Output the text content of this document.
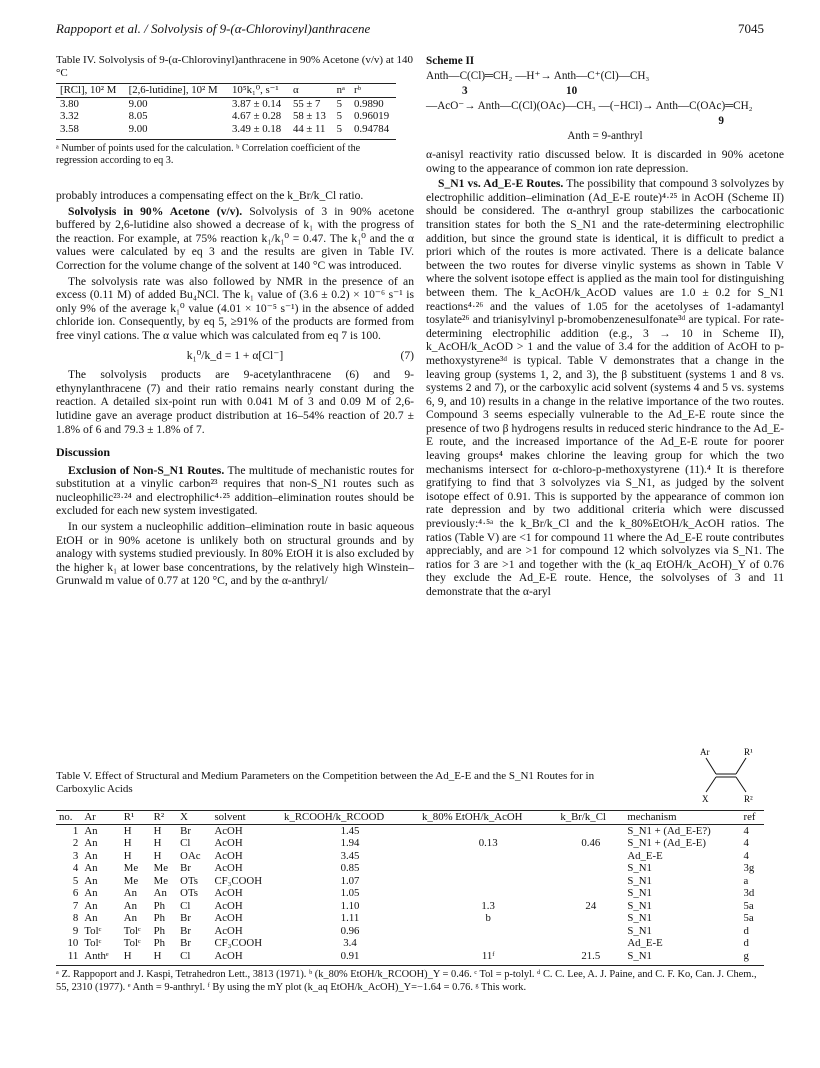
Rappoport et al. / Solvolysis of 9-(α-Chlorovinyl)anthracene	7045
Table IV. Solvolysis of 9-(α-Chlorovinyl)anthracene in 90% Acetone (v/v) at 140 °C
[RCl], 10² M	[2,6-lutidine], 10² M	10⁵k₁⁰, s⁻¹	α	nᵃ	rᵇ
3.80	9.00	3.87 ± 0.14	55 ± 7	5	0.9890
3.32	8.05	4.67 ± 0.28	58 ± 13	5	0.96019
3.58	9.00	3.49 ± 0.18	44 ± 11	5	0.94784
ᵃ Number of points used for the calculation. ᵇ Correlation coefficient of the regression according to eq 3.

probably introduces a compensating effect on the k_Br/k_Cl ratio.

Solvolysis in 90% Acetone (v/v). Solvolysis of 3 in 90% acetone buffered by 2,6-lutidine also showed a decrease of k₁ with the progress of the reaction. For example, at 75% reaction k₁/k₁⁰ = 0.47. The k₁⁰ and the α values were calculated by eq 3 and the results are given in Table IV. Correction for the volume change of the solvent at 140 °C was introduced.

The solvolysis rate was also followed by NMR in the presence of an excess (0.11 M) of added Bu₄NCl. The k₁ value of (3.6 ± 0.2) × 10⁻⁶ s⁻¹ is only 9% of the average k₁⁰ value (4.01 × 10⁻⁵ s⁻¹) in the absence of added chloride ion. Consequently, by eq 5, ≥91% of the products are formed from free vinyl cations. The α value which was calculated from eq 7 is 100.

k₁⁰/k_d = 1 + α[Cl⁻]	(7)

The solvolysis products are 9-acetylanthracene (6) and 9-ethynylanthracene (7) and their ratio remains nearly constant during the reaction. A detailed six-point run with 0.041 M of 3 and 0.09 M of 2,6-lutidine gave an average product distribution at 16–54% reaction of 20.7 ± 1.8% of 6 and 79.3 ± 1.8% of 7.

Discussion

Exclusion of Non-S_N1 Routes. The multitude of mechanistic routes for substitution at a vinylic carbon²³ requires that non-S_N1 routes such as nucleophilic²³·²⁴ and electrophilic⁴·²⁵ addition–elimination routes should be excluded for each new system investigated.

In our system a nucleophilic addition–elimination route in basic aqueous EtOH or in 90% acetone is unlikely both on structural grounds and by analogy with systems studied previously. In 80% EtOH it is also excluded by the higher k₁ at lower base concentrations, by the relatively high Winstein–Grunwald m value of 0.77 at 120 °C, and by the α-anthryl/

Scheme II
Anth—C(Cl)═CH₂ —H⁺→ Anth—C⁺(Cl)—CH₃
3	10
—AcO⁻→ Anth—C(Cl)(OAc)—CH₃ —(−HCl)→ Anth—C(OAc)═CH₂
9
Anth = 9-anthryl

α-anisyl reactivity ratio discussed below. It is discarded in 90% acetone owing to the appearance of common ion rate depression.

S_N1 vs. Ad_E-E Routes. The possibility that compound 3 solvolyzes by electrophilic addition–elimination (Ad_E-E route)⁴·²⁵ in AcOH (Scheme II) should be considered. The α-anthryl group stabilizes the carbocationic transition states for both the S_N1 and the rate-determining electrophilic addition, but since the ground state is identical, it is difficult to predict a priori which of the routes is more activated. There is a delicate balance between the two routes for diverse vinylic systems as shown in Table V where the solvent isotope effect is applied as the main tool for distinguishing between them. The k_AcOH/k_AcOD values are 1.0 ± 0.2 for S_N1 reactions⁴·²⁶ and the values of 1.05 for the acetolyses of 1-adamantyl tosylate²⁶ and trianisylvinyl p-bromobenzenesulfonate³ᵈ are typical. For rate-determining electrophilic addition (e.g., 3 → 10 in Scheme II), k_AcOH/k_AcOD > 1 and the value of 3.4 for the addition of AcOH to p-methoxystyrene³ᵈ is typical. Table V demonstrates that a change in the leaving group (systems 1, 2, and 3), the β substituent (systems 1 and 8 vs. systems 2 and 7), or the carboxylic acid solvent (systems 4 and 5 vs. systems 6, 9, and 10) results in a change in the relative importance of the two routes. Compound 3 seems especially vulnerable to the Ad_E-E route since the presence of two β hydrogens results in reduced steric hindrance to the Ad_E-E route, and the increased importance of the Ad_E-E route for poorer leaving groups⁴ makes chlorine the leaving group for which the two mechanisms intersect for α-chloro-p-methoxystyrene (11).⁴ It is therefore gratifying to find that 3 solvolyzes via S_N1, as judged by the solvent isotope effect of 0.91. This is supported by the appearance of common ion rate depression and by two additional criteria which were discussed previously:⁴·⁵ᵃ the k_Br/k_Cl and the k_80%EtOH/k_AcOH ratios. The ratios (Table V) are <1 for compound 11 where the Ad_E-E route contributes appreciably, and are >1 for compound 12 which solvolyzes via S_N1. The ratios for 3 are >1 and together with the (k_aq EtOH/k_AcOH)_Y of 0.76 they exclude the Ad_E-E route. Hence, the solvolyses of 3 and 11 demonstrate that the α-aryl

Ar	R¹
X	R²
Table V. Effect of Structural and Medium Parameters on the Competition between the Ad_E-E and the S_N1 Routes for in Carboxylic Acids
no.	Ar	R¹	R²	X	solvent	k_RCOOH/k_RCOOD	k_80% EtOH/k_AcOH	k_Br/k_Cl	mechanism	ref
1	An	H	H	Br	AcOH	1.45			S_N1 + (Ad_E-E?)	4
2	An	H	H	Cl	AcOH	1.94	0.13	0.46	S_N1 + (Ad_E-E)	4
3	An	H	H	OAc	AcOH	3.45			Ad_E-E	4
4	An	Me	Me	Br	AcOH	0.85			S_N1	3g
5	An	Me	Me	OTs	CF₃COOH	1.07			S_N1	a
6	An	An	An	OTs	AcOH	1.05			S_N1	3d
7	An	An	Ph	Cl	AcOH	1.10	1.3	24	S_N1	5a
8	An	An	Ph	Br	AcOH	1.11	b		S_N1	5a
9	Tolᶜ	Tolᶜ	Ph	Br	AcOH	0.96			S_N1	d
10	Tolᶜ	Tolᶜ	Ph	Br	CF₃COOH	3.4			Ad_E-E	d
11	Anthᵉ	H	H	Cl	AcOH	0.91	11ᶠ	21.5	S_N1	g
ᵃ Z. Rappoport and J. Kaspi, Tetrahedron Lett., 3813 (1971). ᵇ (k_80% EtOH/k_RCOOH)_Y = 0.46. ᶜ Tol = p-tolyl. ᵈ C. C. Lee, A. J. Paine, and C. F. Ko, Can. J. Chem., 55, 2310 (1977). ᵉ Anth = 9-anthryl. ᶠ By using the mY plot (k_aq EtOH/k_AcOH)_Y=−1.64 = 0.76. ᵍ This work.
